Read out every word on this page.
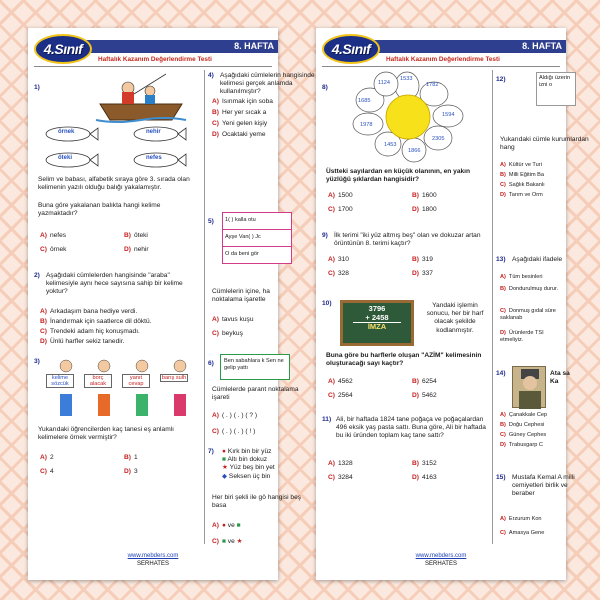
8. HAFTA
4.Sınıf
Haftalık Kazanım Değerlendirme Testi
1)
örnek	nehir
öteki	nefes
Selim ve babası, alfabetik sıraya göre 3. sırada olan kelimenin yazılı olduğu balığı yakalamıştır.
Buna göre yakalanan balıkta hangi kelime yazmaktadır?
A) nefes	B) öteki
C) örnek	D) nehir
2) Aşağıdaki cümlelerden hangisinde "araba" kelimesiyle aynı hece sayısına sahip bir kelime yoktur?
A) Arkadaşım bana hediye verdi.
B) İnandırmak için saatlerce dil döktü.
C) Trendeki adam hiç konuşmadı.
D) Ünlü harfler sekiz tanedir.
3)
kelime sözcük
borç alacak
yanıt cevap
barış sulh
Yukarıdaki öğrencilerden kaç tanesi eş anlamlı kelimelere örnek vermiştir?
A) 2	B) 1
C) 4	D) 3
4) Aşağıdaki cümlelerin hangisinde kelimesi gerçek anlamda kullanılmıştır?
A) Isınmak için soba
B) Her yer sıcak a
C) Yeni gelen kişiy
D) Ocaktaki yeme
5)	1( ) kalla otu
Ayşe Van( ) Jc
O da beni gör
Cümlelerin içine, ha noktalama işaretle
A) tavus kuşu
C) beykuş
6)	Ben sabahlara k Sen ne gelip yattı
Cümlelerde parant noktalama işareti
A) ( . ) ( . ) ( ? )
C) ( . ) ( . ) ( ! )
7) ● Kırk bin bir yüz
■ Altı bin dokuz
★ Yüz beş bin yet
◆ Seksen üç bin
Her biri şekli ile gö hangisi beş basa
A) ● ve ■
C) ■ ve ★
www.mebders.com
SERHATES
8. HAFTA
4.Sınıf
Haftalık Kazanım Değerlendirme Testi
8)
1124
1533
1782
1594
2305
1866
1453
1978
1685
Üstteki sayılardan en küçük olanının, en yakın yüzlüğü şıklardan hangisidir?
A) 1500	B) 1600
C) 1700	D) 1800
9) İlk terimi "iki yüz altmış beş" olan ve dokuzar artan örüntünün 8. terimi kaçtır?
A) 310	B) 319
C) 328	D) 337
10)
3796
+ 2458
İMZA
Yandaki işlemin sonucu, her bir harf olacak şekilde kodlanmıştır.
Buna göre bu harflerle oluşan "AZİM" kelimesinin oluşturacağı sayı kaçtır?
A) 4562	B) 6254
C) 2564	D) 5462
11) Ali, bir haftada 1824 tane poğaça ve poğaçalardan 496 eksik yaş pasta sattı. Buna göre, Ali bir haftada bu iki üründen toplam kaç tane sattı?
A) 1328	B) 3152
C) 3284	D) 4163
12)	Aldığı üzerin izni o
Yukarıdaki cümle kurumlardan hang
A) Kültür ve Turi
B) Milli Eğitim Ba
C) Sağlık Bakanlı
D) Tarım ve Orm
13) Aşağıdaki ifadele
A) Tüm besinleri
B) Dondurulmuş durur.
C) Donmuş gıdal süre saklanab
D) Ürünlerde TSI etmeliyiz.
14)	Ata sa Ka
A) Çanakkale Cep
B) Doğu Cephesi
C) Güney Cephes
D) Trabusgarp C
15) Mustafa Kemal A milli cemiyetleri birlik ve beraber
A) Erzurum Kon
C) Amasya Gene
www.mebders.com
SERHATES
